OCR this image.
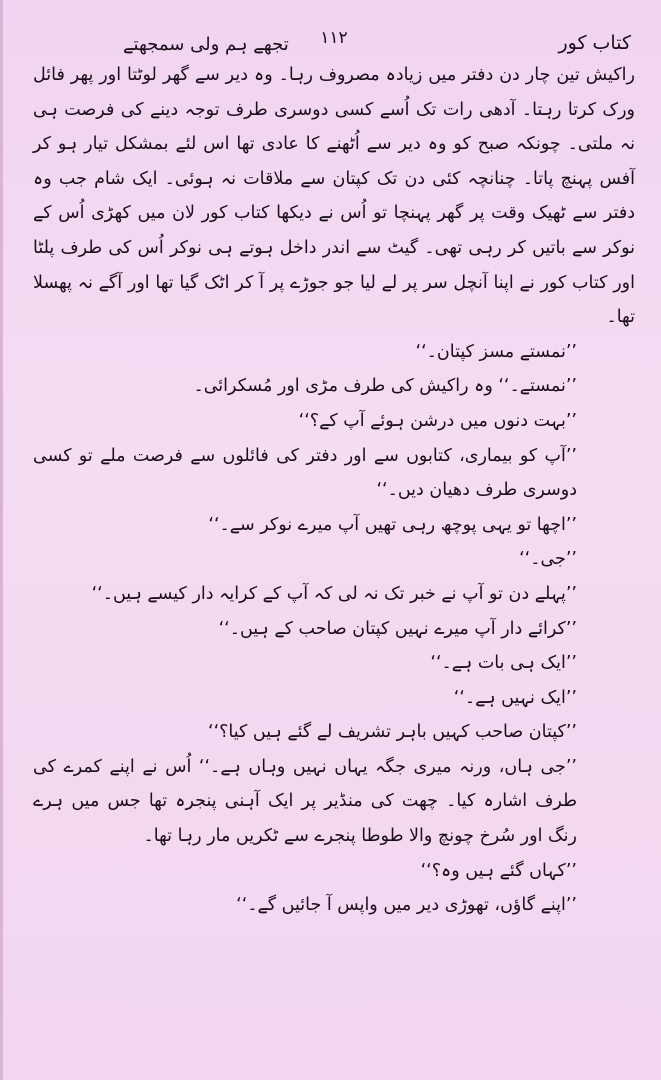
کتاب کور
۱۱۲
تجھے ہم ولی سمجھتے

راکیش تین چار دن دفتر میں زیادہ مصروف رہا۔ وہ دیر سے گھر لوٹتا اور پھر فائل ورک کرتا رہتا۔ آدھی رات تک اُسے کسی دوسری طرف توجہ دینے کی فرصت ہی نہ ملتی۔ چونکہ صبح کو وہ دیر سے اُٹھنے کا عادی تھا اس لئے بمشکل تیار ہو کر آفس پہنچ پاتا۔ چنانچہ کئی دن تک کپتان سے ملاقات نہ ہوئی۔ ایک شام جب وہ دفتر سے ٹھیک وقت پر گھر پہنچا تو اُس نے دیکھا کتاب کور لان میں کھڑی اُس کے نوکر سے باتیں کر رہی تھی۔ گیٹ سے اندر داخل ہوتے ہی نوکر اُس کی طرف پلٹا اور کتاب کور نے اپنا آنچل سر پر لے لیا جو جوڑے پر آ کر اٹک گیا تھا اور آگے نہ پھسلا تھا۔

’’نمستے مسز کپتان۔‘‘

’’نمستے۔‘‘ وہ راکیش کی طرف مڑی اور مُسکرائی۔

’’بہت دنوں میں درشن ہوئے آپ کے؟‘‘

’’آپ کو بیماری، کتابوں سے اور دفتر کی فائلوں سے فرصت ملے تو کسی دوسری طرف دھیان دیں۔‘‘

’’اچھا تو یہی پوچھ رہی تھیں آپ میرے نوکر سے۔‘‘

’’جی۔‘‘

’’پہلے دن تو آپ نے خبر تک نہ لی کہ آپ کے کرایہ دار کیسے ہیں۔‘‘

’’کرائے دار آپ میرے نہیں کپتان صاحب کے ہیں۔‘‘

’’ایک ہی بات ہے۔‘‘

’’ایک نہیں ہے۔‘‘

’’کپتان صاحب کہیں باہر تشریف لے گئے ہیں کیا؟‘‘

’’جی ہاں، ورنہ میری جگہ یہاں نہیں وہاں ہے۔‘‘ اُس نے اپنے کمرے کی طرف اشارہ کیا۔ چھت کی منڈیر پر ایک آہنی پنجرہ تھا جس میں ہرے رنگ اور سُرخ چونچ والا طوطا پنجرے سے ٹکریں مار رہا تھا۔

’’کہاں گئے ہیں وہ؟‘‘

’’اپنے گاؤں، تھوڑی دیر میں واپس آ جائیں گے۔‘‘
